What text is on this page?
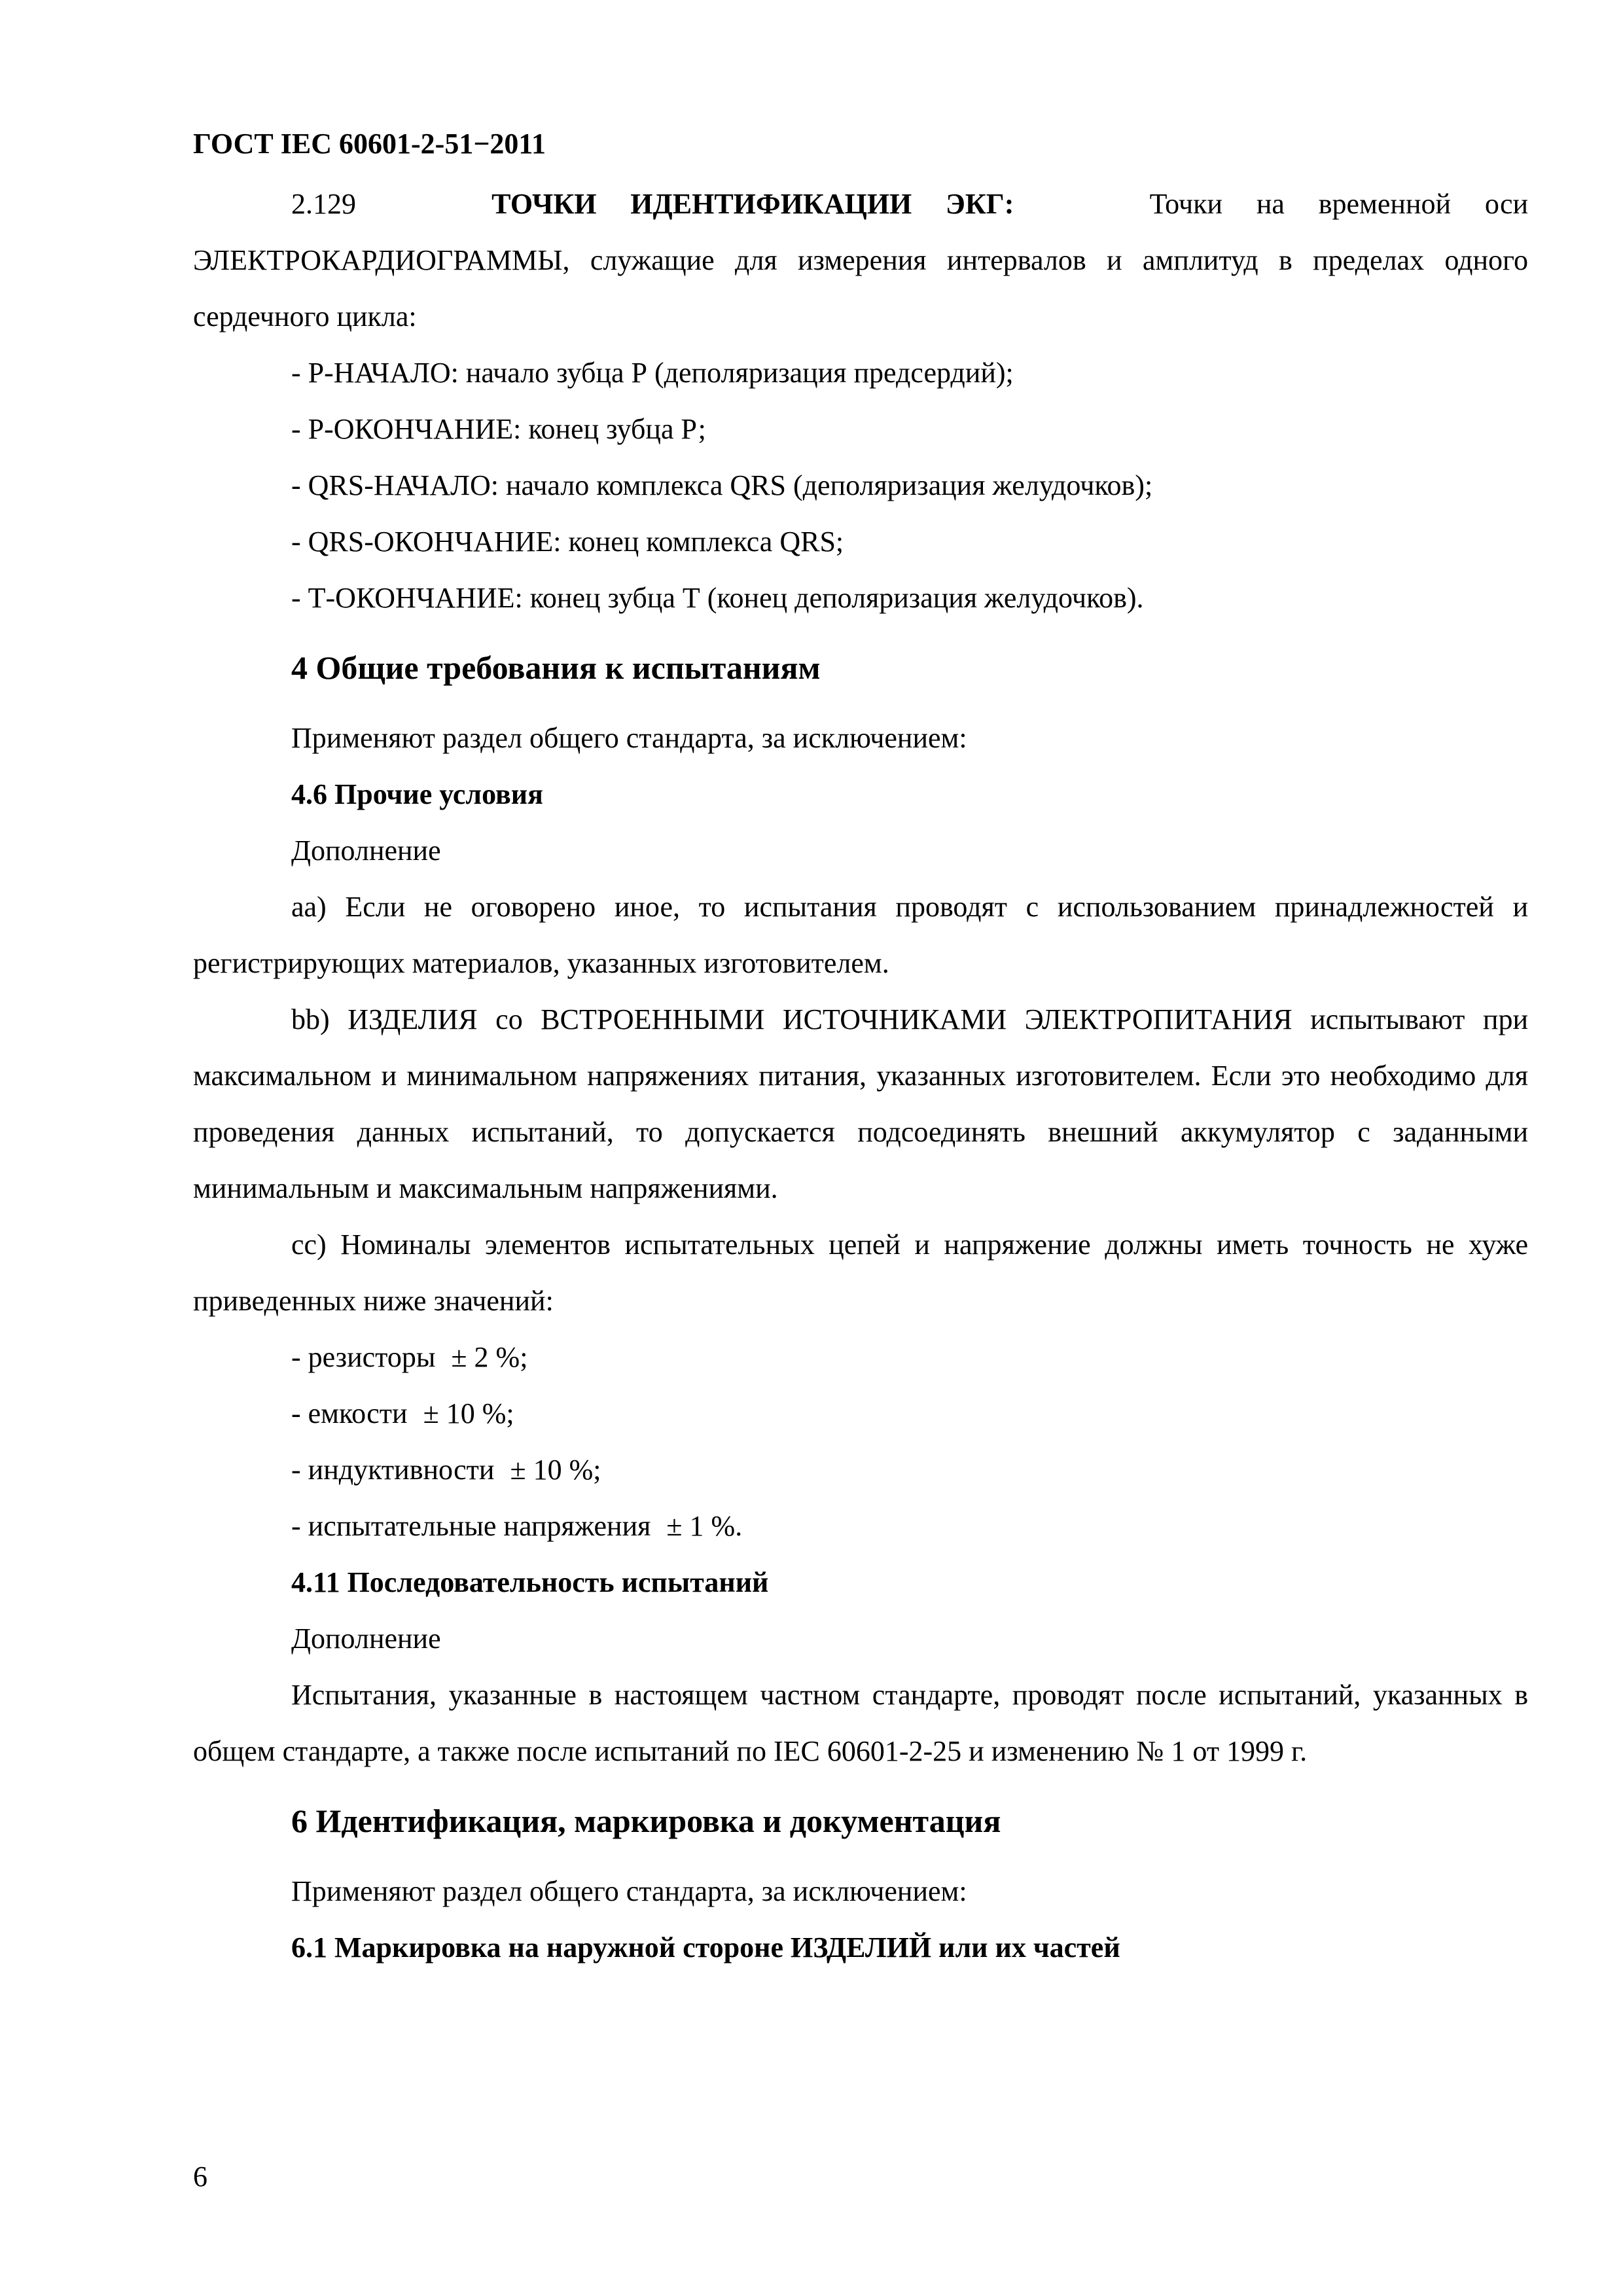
ГОСТ IEC 60601-2-51−2011

2.129	ТОЧКИ ИДЕНТИФИКАЦИИ ЭКГ:	Точки на временной оси

ЭЛЕКТРОКАРДИОГРАММЫ, служащие для измерения интервалов и амплитуд в пределах одного сердечного цикла:

- Р-НАЧАЛО: начало зубца Р (деполяризация предсердий);
- Р-ОКОНЧАНИЕ: конец зубца Р;
- QRS-НАЧАЛО: начало комплекса QRS (деполяризация желудочков);
- QRS-ОКОНЧАНИЕ: конец комплекса QRS;
- Т-ОКОНЧАНИЕ: конец зубца Т (конец деполяризация желудочков).
4 Общие требования к испытаниям
Применяют раздел общего стандарта, за исключением:
4.6 Прочие условия
Дополнение

аа) Если не оговорено иное, то испытания проводят с использованием принадлежностей и регистрирующих материалов, указанных изготовителем.

bb) ИЗДЕЛИЯ со ВСТРОЕННЫМИ ИСТОЧНИКАМИ ЭЛЕКТРОПИТАНИЯ испытывают при максимальном и минимальном напряжениях питания, указанных изготовителем. Если это необходимо для проведения данных испытаний, то допускается подсоединять внешний аккумулятор с заданными минимальным и максимальным напряжениями.

сс) Номиналы элементов испытательных цепей и напряжение должны иметь точность не хуже приведенных ниже значений:

- резисторы ± 2 %;
- емкости ± 10 %;
- индуктивности ± 10 %;
- испытательные напряжения ± 1 %.
4.11 Последовательность испытаний
Дополнение

Испытания, указанные в настоящем частном стандарте, проводят после испытаний, указанных в общем стандарте, а также после испытаний по IEC 60601-2-25 и изменению № 1 от 1999 г.

6 Идентификация, маркировка и документация
Применяют раздел общего стандарта, за исключением:
6.1 Маркировка на наружной стороне ИЗДЕЛИЙ или их частей
6
